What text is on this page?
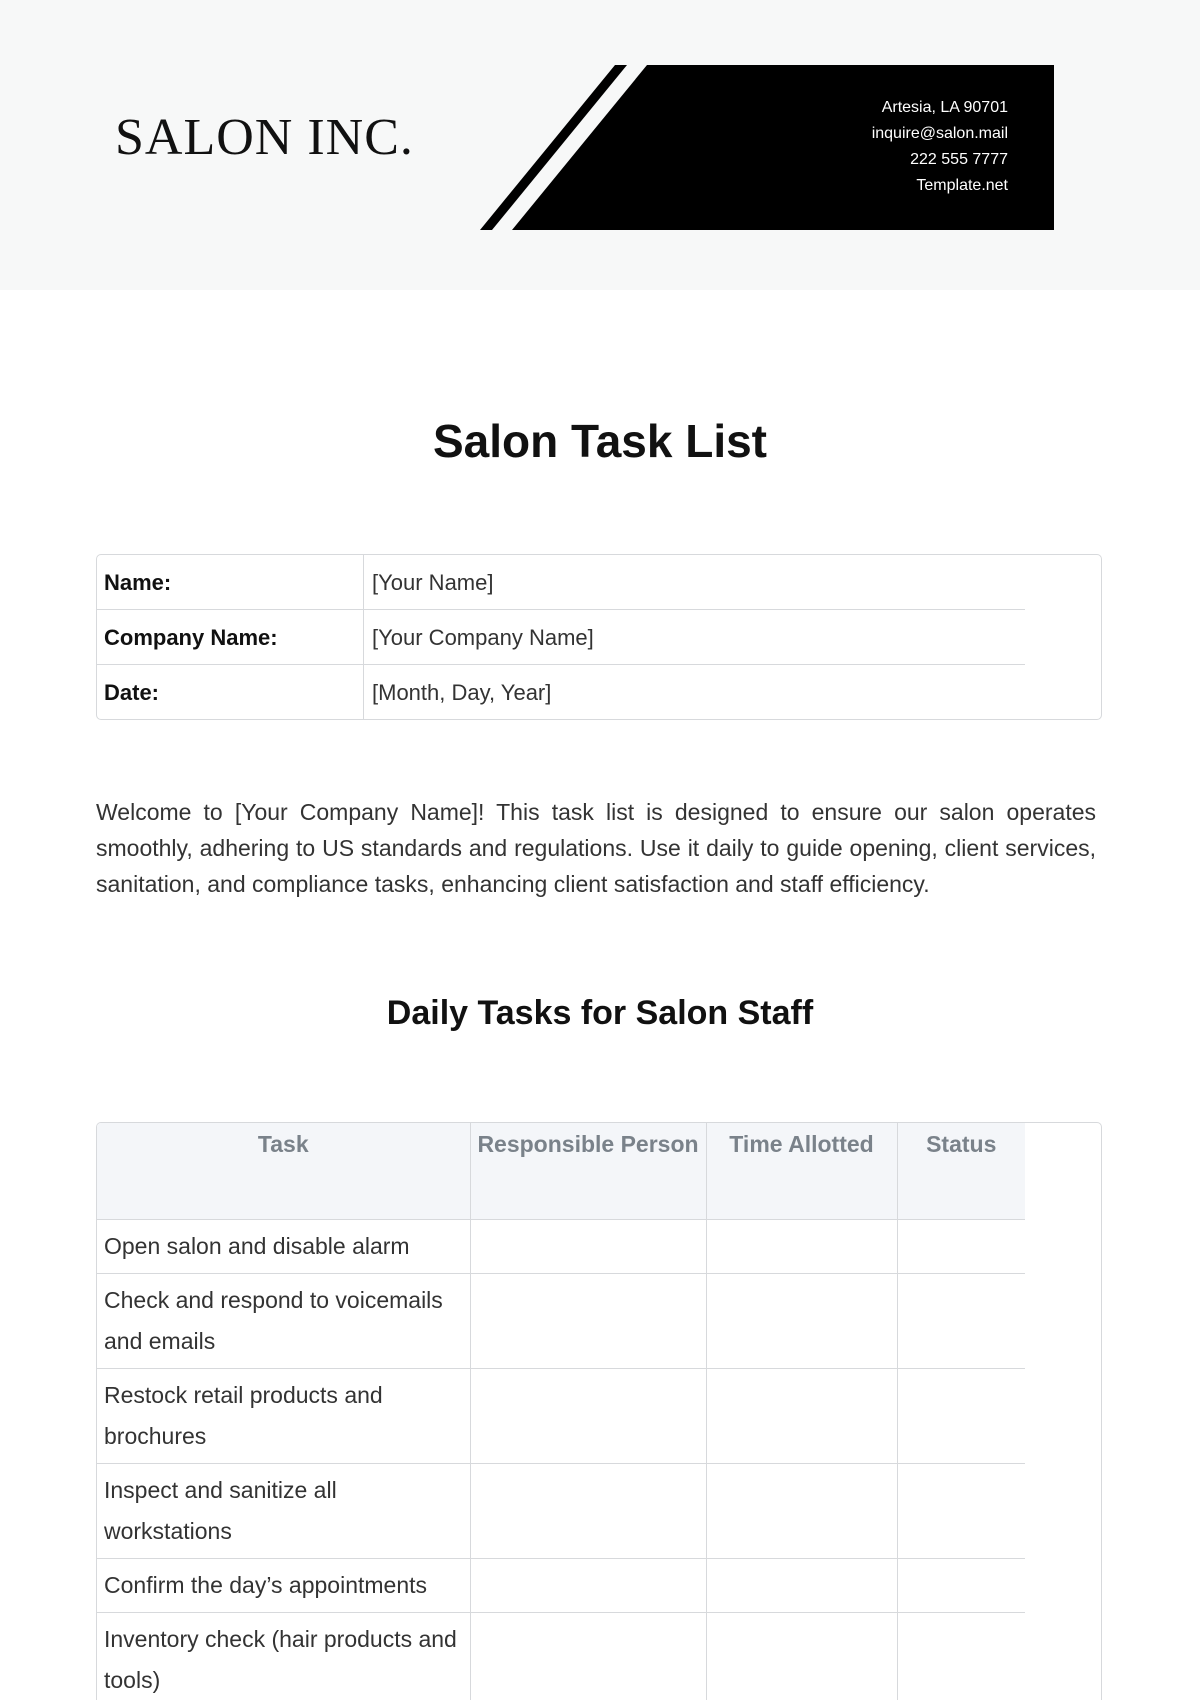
SALON INC.
Artesia, LA 90701
inquire@salon.mail
222 555 7777
Template.net
Salon Task List
Name:	[Your Name]
Company Name:	[Your Company Name]
Date:	[Month, Day, Year]

Welcome to [Your Company Name]! This task list is designed to ensure our salon operates smoothly, adhering to US standards and regulations. Use it daily to guide opening, client services, sanitation, and compliance tasks, enhancing client satisfaction and staff efficiency.

Daily Tasks for Salon Staff
Task	Responsible Person	Time Allotted	Status
Open salon and disable alarm			
Check and respond to voicemails and emails			
Restock retail products and brochures			
Inspect and sanitize all workstations			
Confirm the day’s appointments			
Inventory check (hair products and tools)			
